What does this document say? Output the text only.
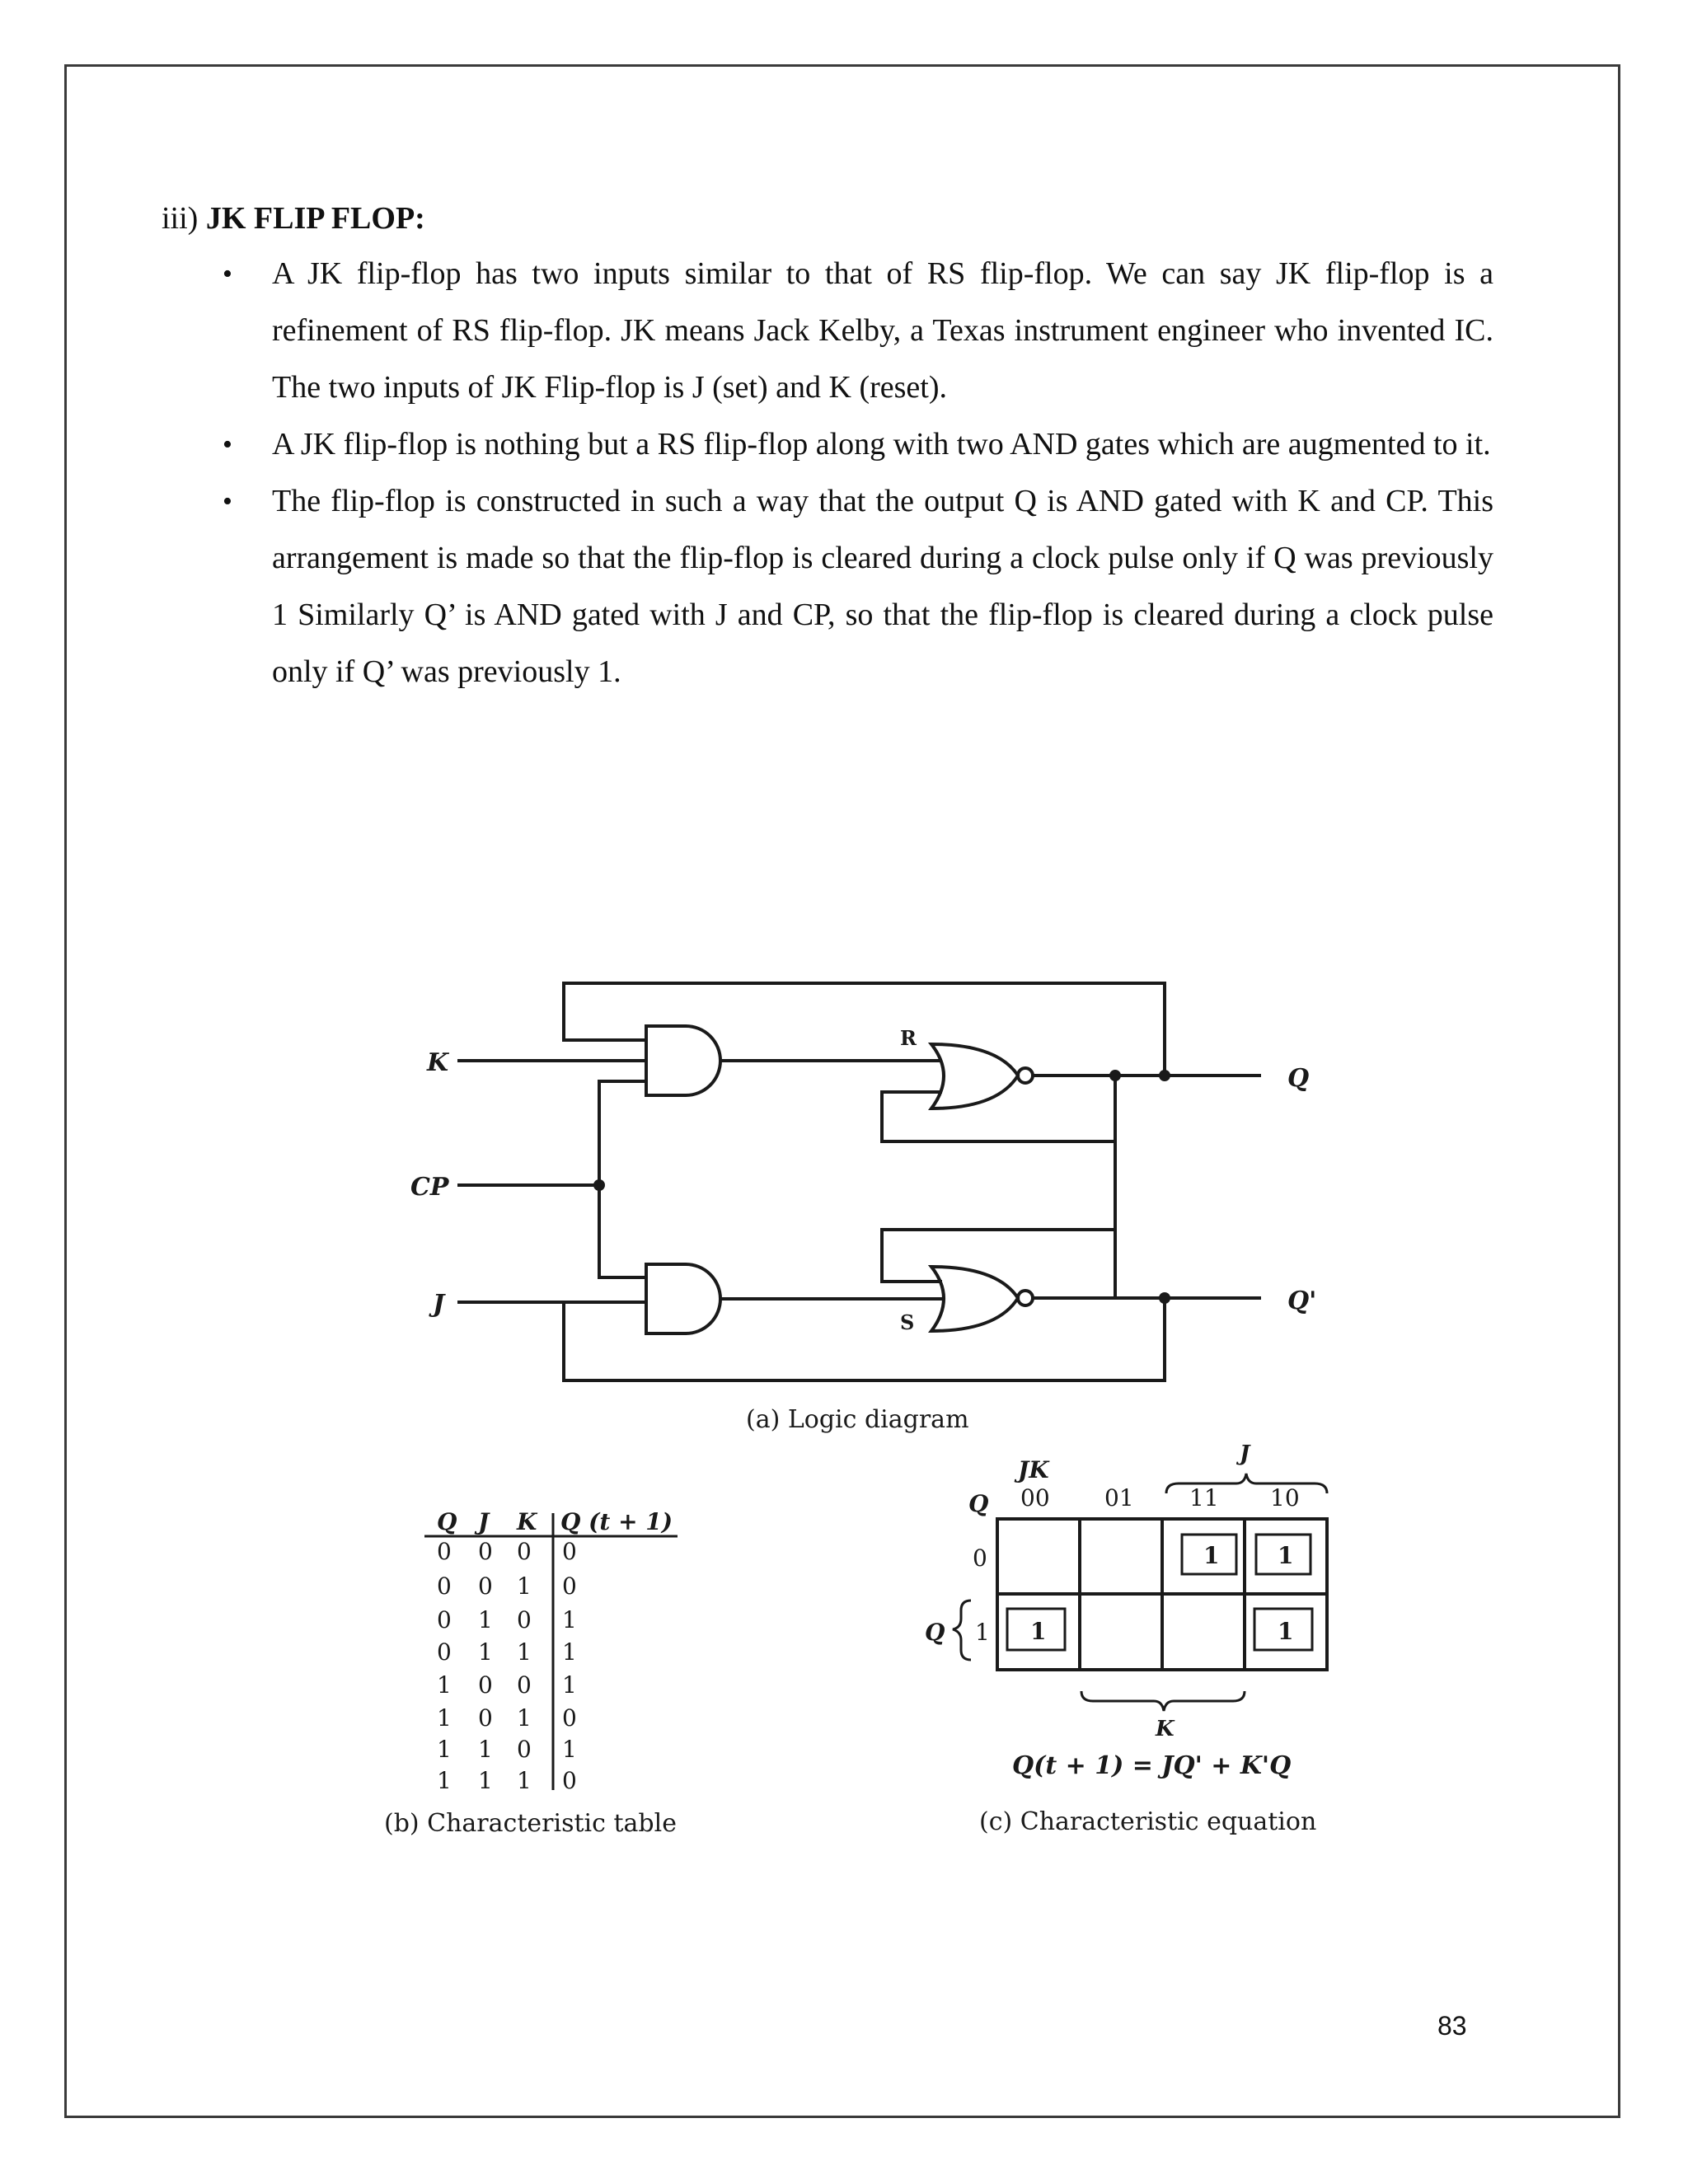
iii) JK FLIP FLOP:
• A JK flip-flop has two inputs similar to that of RS flip-flop. We can say JK flip-flop is a refinement of RS flip-flop. JK means Jack Kelby, a Texas instrument engineer who invented IC. The two inputs of JK Flip-flop is J (set) and K (reset).
• A JK flip-flop is nothing but a RS flip-flop along with two AND gates which are augmented to it.
• The flip-flop is constructed in such a way that the output Q is AND gated with K and CP. This arrangement is made so that the flip-flop is cleared during a clock pulse only if Q was previously 1 Similarly Q’ is AND gated with J and CP, so that the flip-flop is cleared during a clock pulse only if Q’ was previously 1.
K
CP
J
R
S
Q
Q'
(a) Logic diagram
Q J K Q (t + 1)
0 0 0 0
0 0 1 0
0 1 0 1
0 1 1 1
1 0 0 1
1 0 1 0
1 1 0 1
1 1 1 0
(b) Characteristic table
JK
Q 00 01 11 10
0
1
Q
J
K
1	1
1	1
Q(t + 1) = JQ' + K'Q
(c) Characteristic equation
83
